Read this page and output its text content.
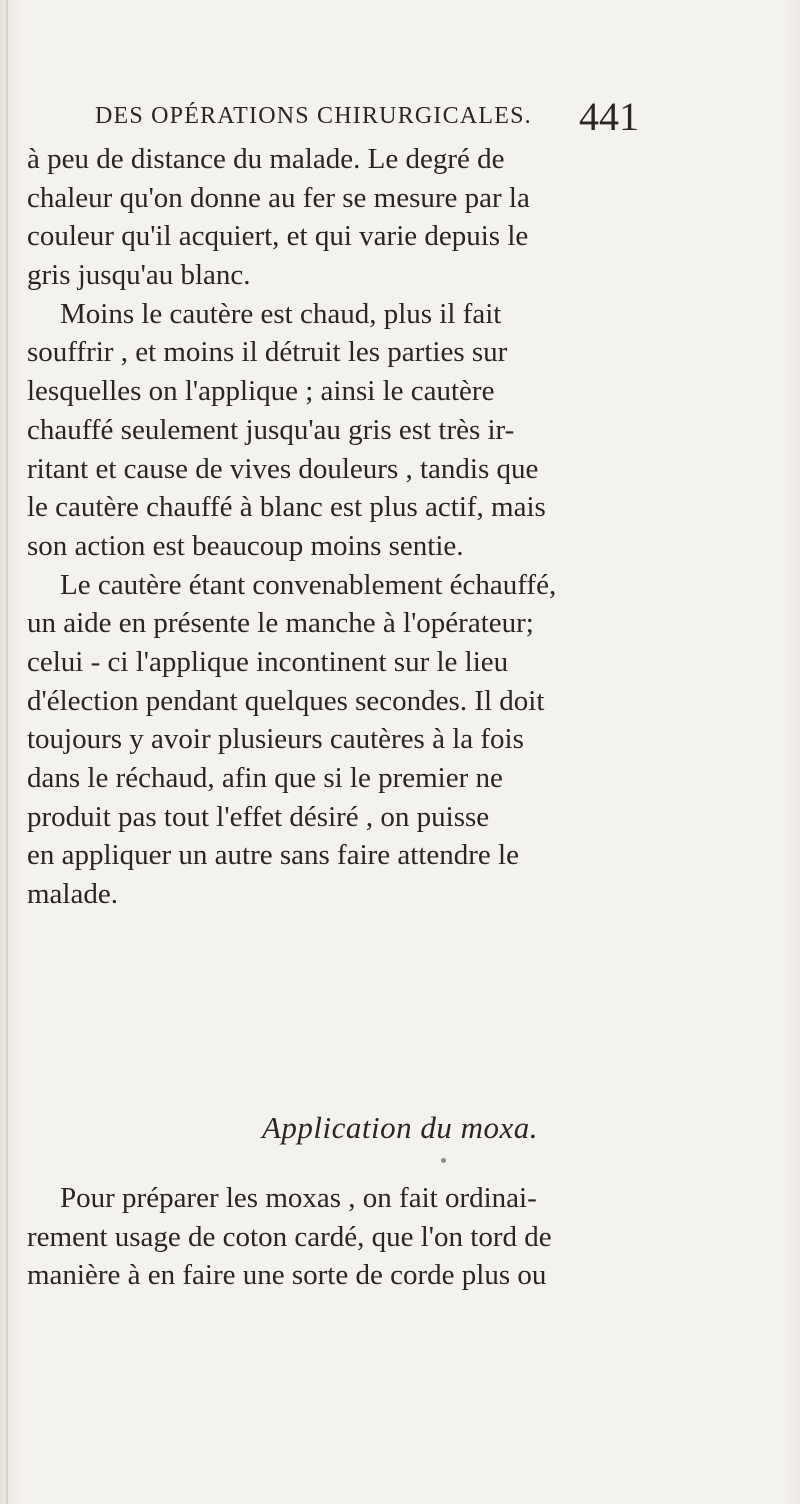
DES OPÉRATIONS CHIRURGICALES. 441
à peu de distance du malade. Le degré de
chaleur qu'on donne au fer se mesure par la
couleur qu'il acquiert, et qui varie depuis le
gris jusqu'au blanc.
Moins le cautère est chaud, plus il fait
souffrir , et moins il détruit les parties sur
lesquelles on l'applique ; ainsi le cautère
chauffé seulement jusqu'au gris est très ir-
ritant et cause de vives douleurs , tandis que
le cautère chauffé à blanc est plus actif, mais
son action est beaucoup moins sentie.
Le cautère étant convenablement échauffé,
un aide en présente le manche à l'opérateur;
celui - ci l'applique incontinent sur le lieu
d'élection pendant quelques secondes. Il doit
toujours y avoir plusieurs cautères à la fois
dans le réchaud, afin que si le premier ne
produit pas tout l'effet désiré , on puisse
en appliquer un autre sans faire attendre le
malade.
Application du moxa.
Pour préparer les moxas , on fait ordinai-
rement usage de coton cardé, que l'on tord de
manière à en faire une sorte de corde plus ou
